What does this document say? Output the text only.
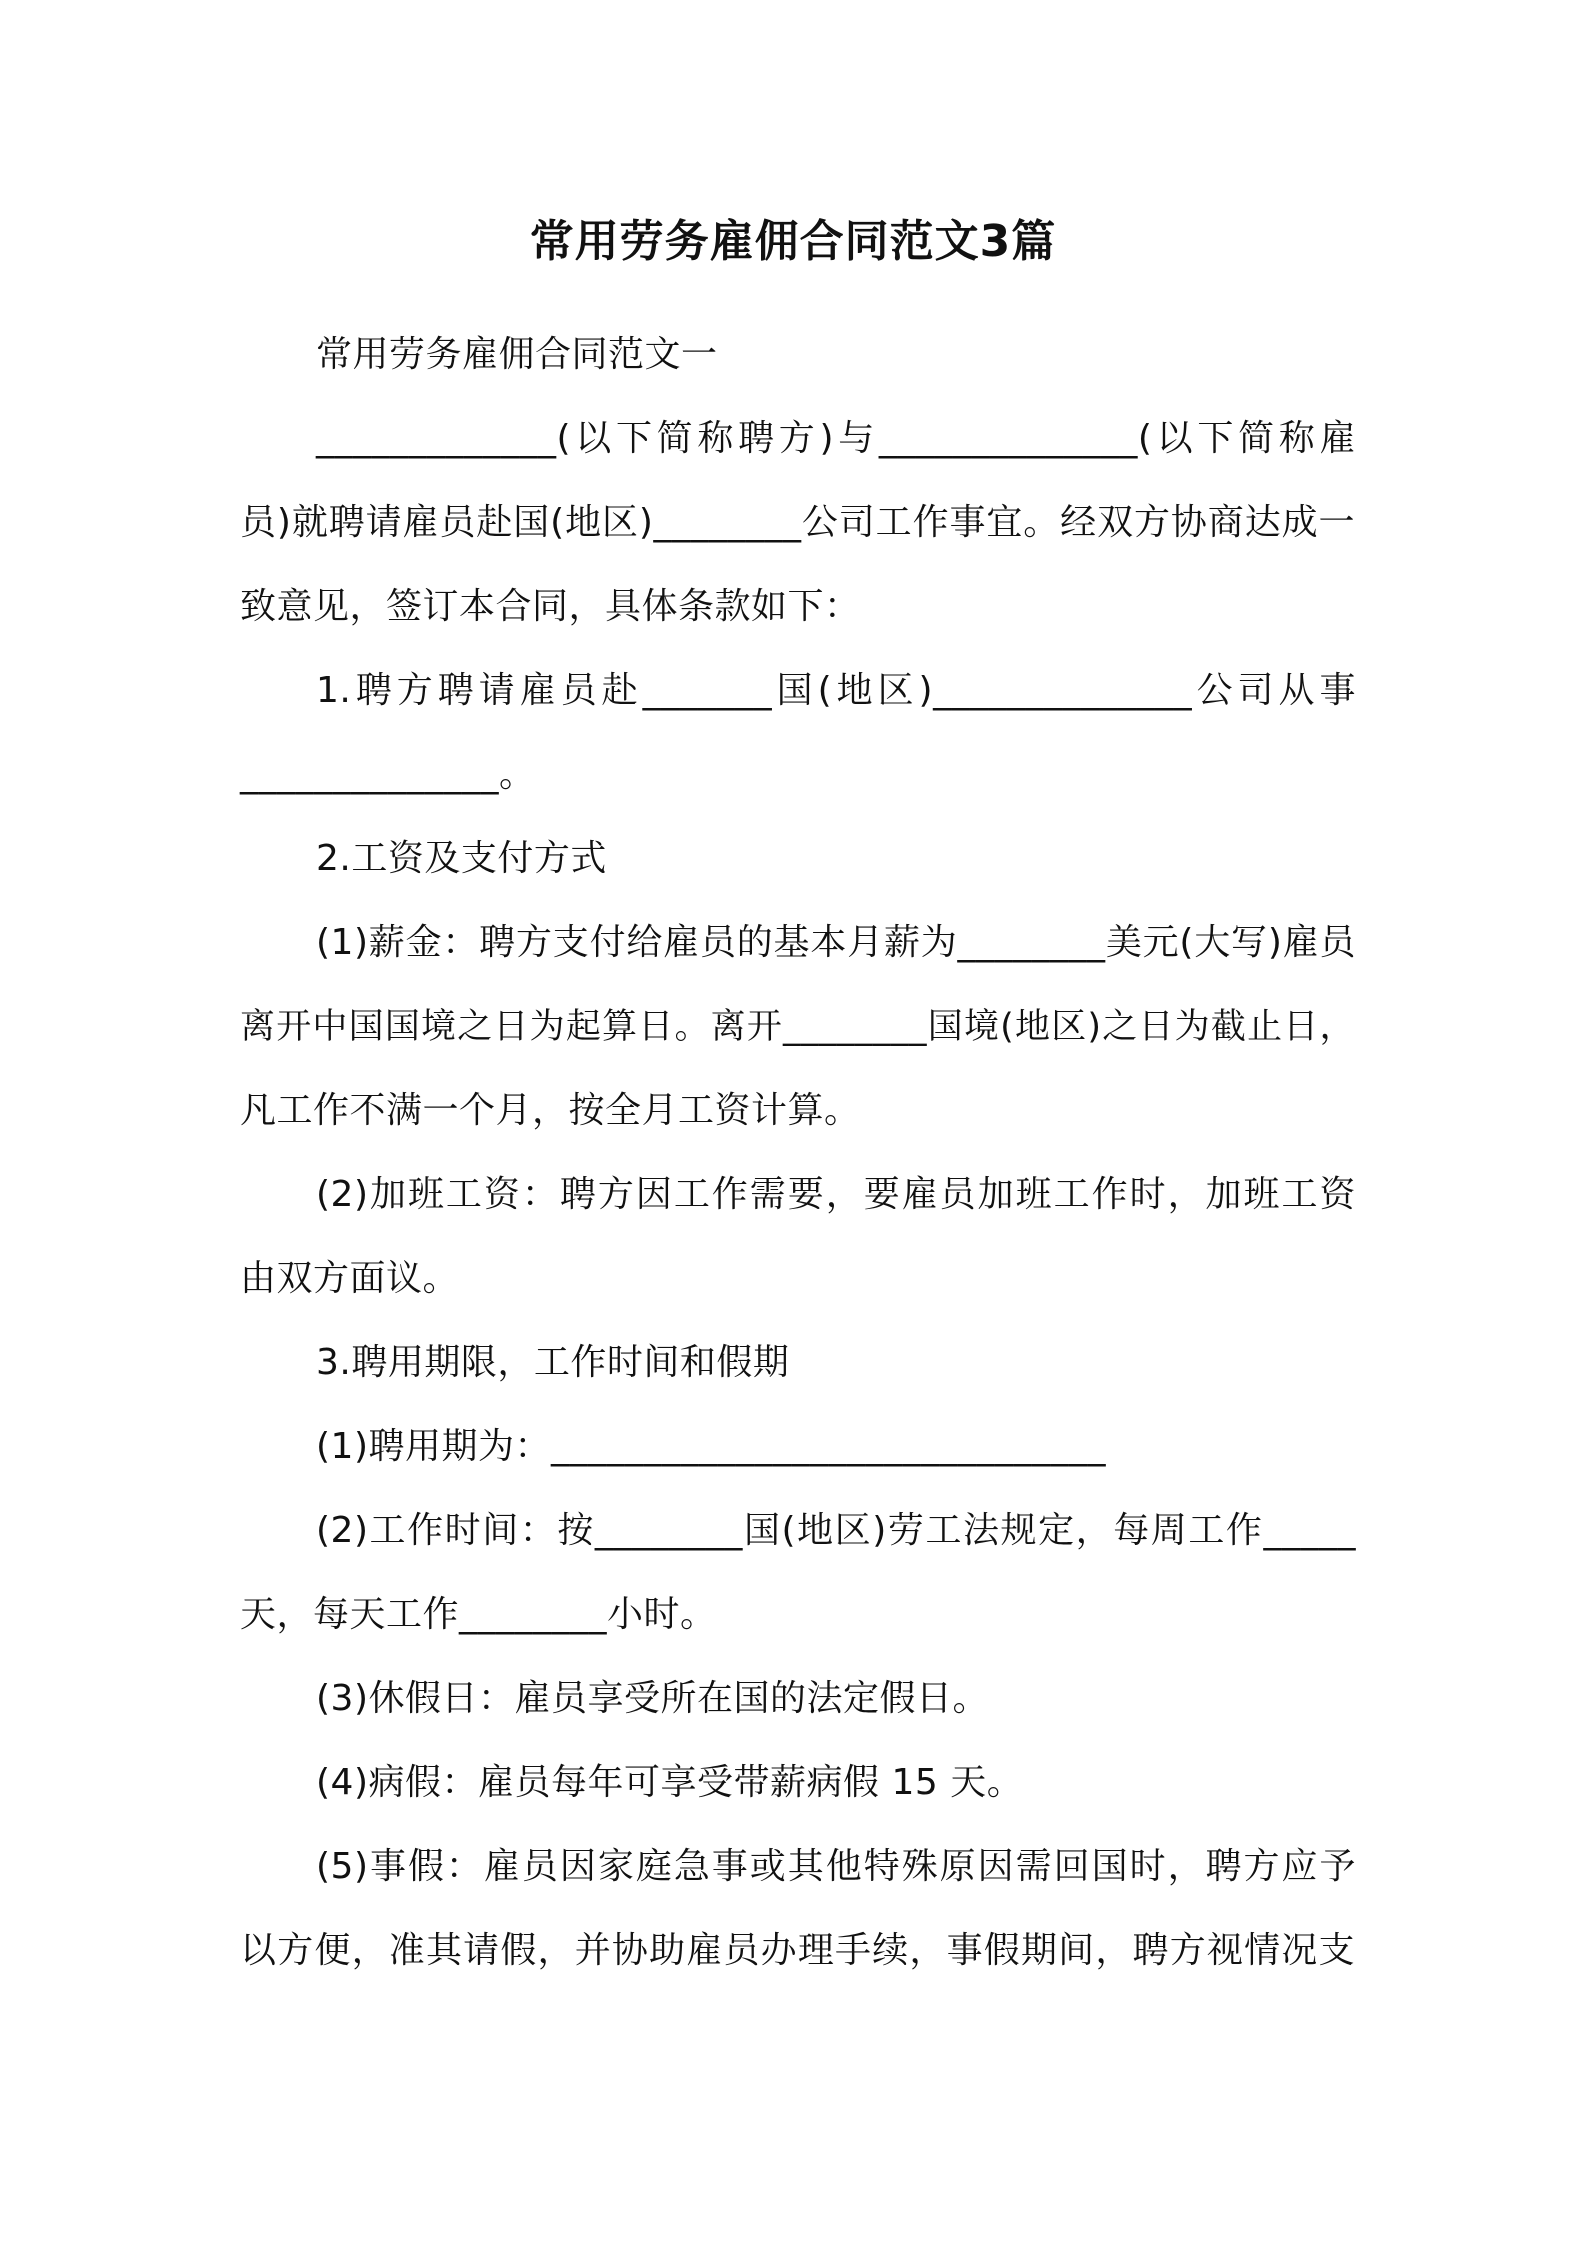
常用劳务雇佣合同范文3篇
常用劳务雇佣合同范文一
_____________(以下简称聘方)与______________(以下简称雇
员)就聘请雇员赴国(地区)________公司工作事宜。经双方协商达成一
致意见，签订本合同，具体条款如下：
1.聘方聘请雇员赴_______国(地区)______________公司从事
______________。
2.工资及支付方式
(1)薪金：聘方支付给雇员的基本月薪为________美元(大写)雇员
离开中国国境之日为起算日。离开________国境(地区)之日为截止日，
凡工作不满一个月，按全月工资计算。
(2)加班工资：聘方因工作需要，要雇员加班工作时，加班工资
由双方面议。
3.聘用期限，工作时间和假期
(1)聘用期为：______________________________
(2)工作时间：按________国(地区)劳工法规定，每周工作_____
天，每天工作________小时。
(3)休假日：雇员享受所在国的法定假日。
(4)病假：雇员每年可享受带薪病假 15 天。
(5)事假：雇员因家庭急事或其他特殊原因需回国时，聘方应予
以方便，准其请假，并协助雇员办理手续，事假期间，聘方视情况支
